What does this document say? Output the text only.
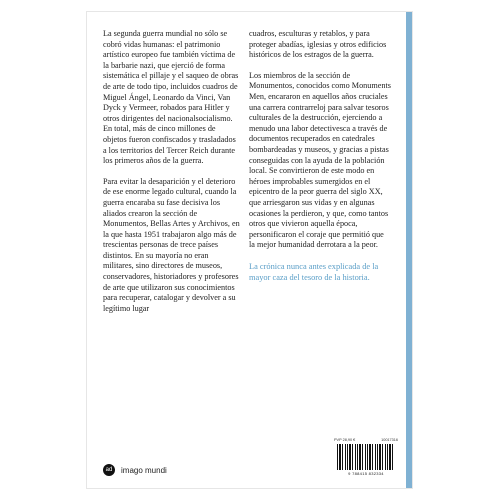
La segunda guerra mundial no sólo se cobró vidas humanas: el patrimonio artístico europeo fue también víctima de la barbarie nazi, que ejerció de forma sistemática el pillaje y el saqueo de obras de arte de todo tipo, incluidos cuadros de Miguel Ángel, Leonardo da Vinci, Van Dyck y Vermeer, robados para Hitler y otros dirigentes del nacionalsocialismo. En total, más de cinco millones de objetos fueron confiscados y trasladados a los territorios del Tercer Reich durante los primeros años de la guerra.

Para evitar la desaparición y el deterioro de ese enorme legado cultural, cuando la guerra encaraba su fase decisiva los aliados crearon la sección de Monumentos, Bellas Artes y Archivos, en la que hasta 1951 trabajaron algo más de trescientas personas de trece países distintos. En su mayoría no eran militares, sino directores de museos, conservadores, historiadores y profesores de arte que utilizaron sus conocimientos para recuperar, catalogar y devolver a su legítimo lugar

cuadros, esculturas y retablos, y para proteger abadías, iglesias y otros edificios históricos de los estragos de la guerra.

Los miembros de la sección de Monumentos, conocidos como Monuments Men, encararon en aquellos años cruciales una carrera contrarreloj para salvar tesoros culturales de la destrucción, ejerciendo a menudo una labor detectivesca a través de documentos recuperados en catedrales bombardeadas y museos, y gracias a pistas conseguidas con la ayuda de la población local. Se convirtieron de este modo en héroes improbables sumergidos en el epicentro de la peor guerra del siglo XX, que arriesgaron sus vidas y en algunas ocasiones la perdieron, y que, como tantos otros que vivieron aquella época, personificaron el coraje que permitió que la mejor humanidad derrotara a la peor.

La crónica nunca antes explicada de la mayor caza del tesoro de la historia.

ad	imago mundi
PVP 28,90 €	10017316
9 788415 832334
